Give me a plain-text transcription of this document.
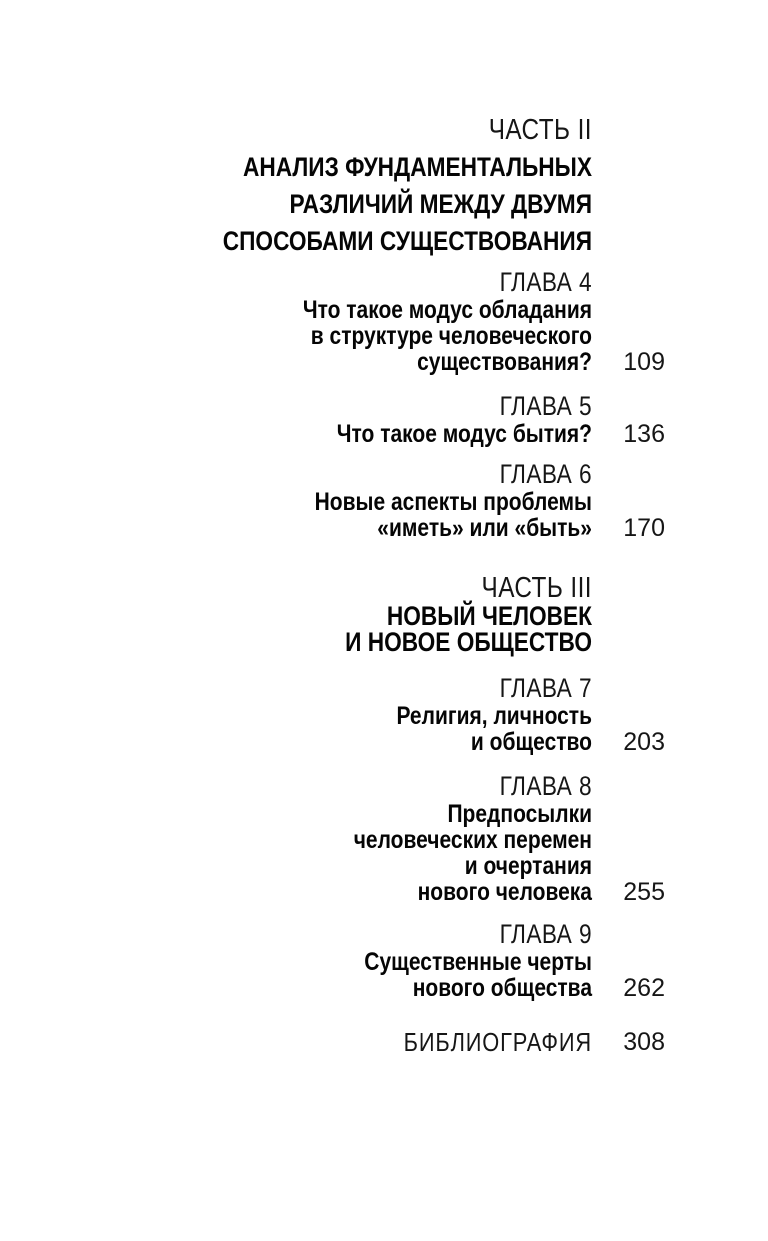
ЧАСТЬ II
АНАЛИЗ ФУНДАМЕНТАЛЬНЫХ
РАЗЛИЧИЙ МЕЖДУ ДВУМЯ
СПОСОБАМИ СУЩЕСТВОВАНИЯ
ГЛАВА 4
Что такое модус обладания
в структуре человеческого
существования?	109
ГЛАВА 5
Что такое модус бытия?	136
ГЛАВА 6
Новые аспекты проблемы
«иметь» или «быть»	170
ЧАСТЬ III
НОВЫЙ ЧЕЛОВЕК
И НОВОЕ ОБЩЕСТВО
ГЛАВА 7
Религия, личность
и общество	203
ГЛАВА 8
Предпосылки
человеческих перемен
и очертания
нового человека	255
ГЛАВА 9
Существенные черты
нового общества	262
БИБЛИОГРАФИЯ	308
